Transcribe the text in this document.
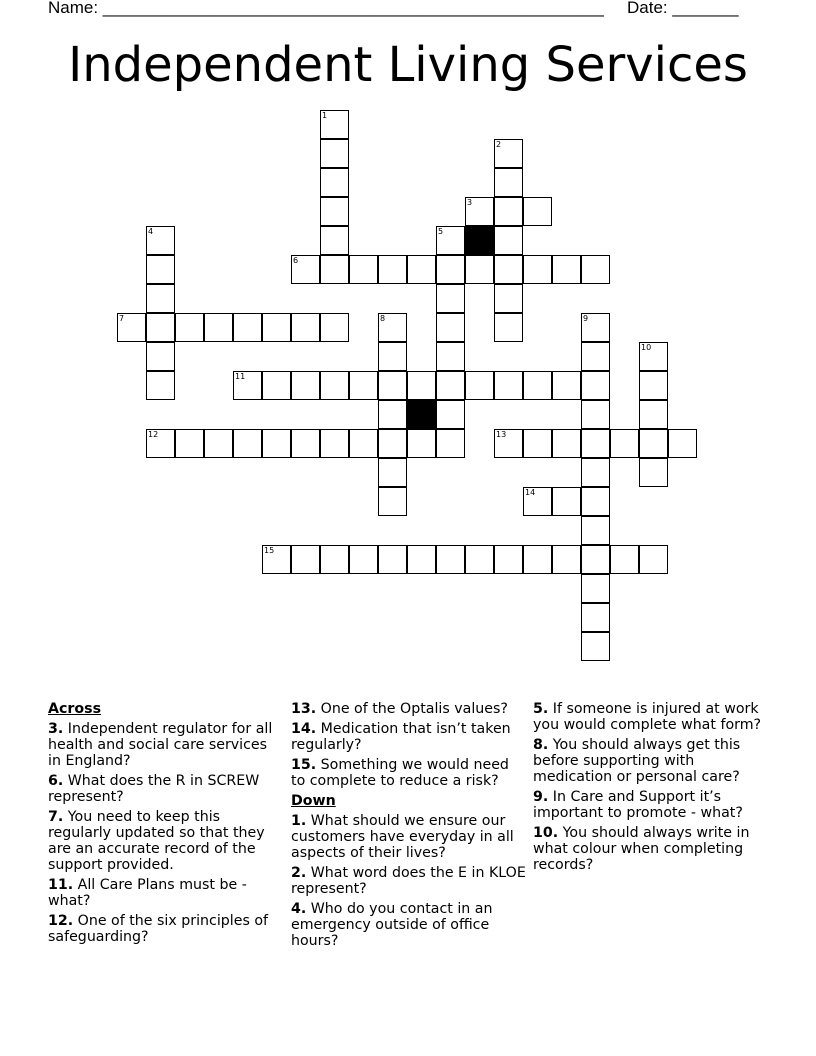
Name: _____________________________________________________ Date: _______
Independent Living Services
1
2
3
4	5
6
7	8	9
10
11
12	13
14
15
Across
3. Independent regulator for all health and social care services in England?
6. What does the R in SCREW represent?
7. You need to keep this regularly updated so that they are an accurate record of the support provided.
11. All Care Plans must be - what?
12. One of the six principles of safeguarding?
13. One of the Optalis values?
14. Medication that isn’t taken regularly?
15. Something we would need to complete to reduce a risk?
Down
1. What should we ensure our customers have everyday in all aspects of their lives?
2. What word does the E in KLOE represent?
4. Who do you contact in an emergency outside of office hours?
5. If someone is injured at work you would complete what form?
8. You should always get this before supporting with medication or personal care?
9. In Care and Support it’s important to promote - what?
10. You should always write in what colour when completing records?
